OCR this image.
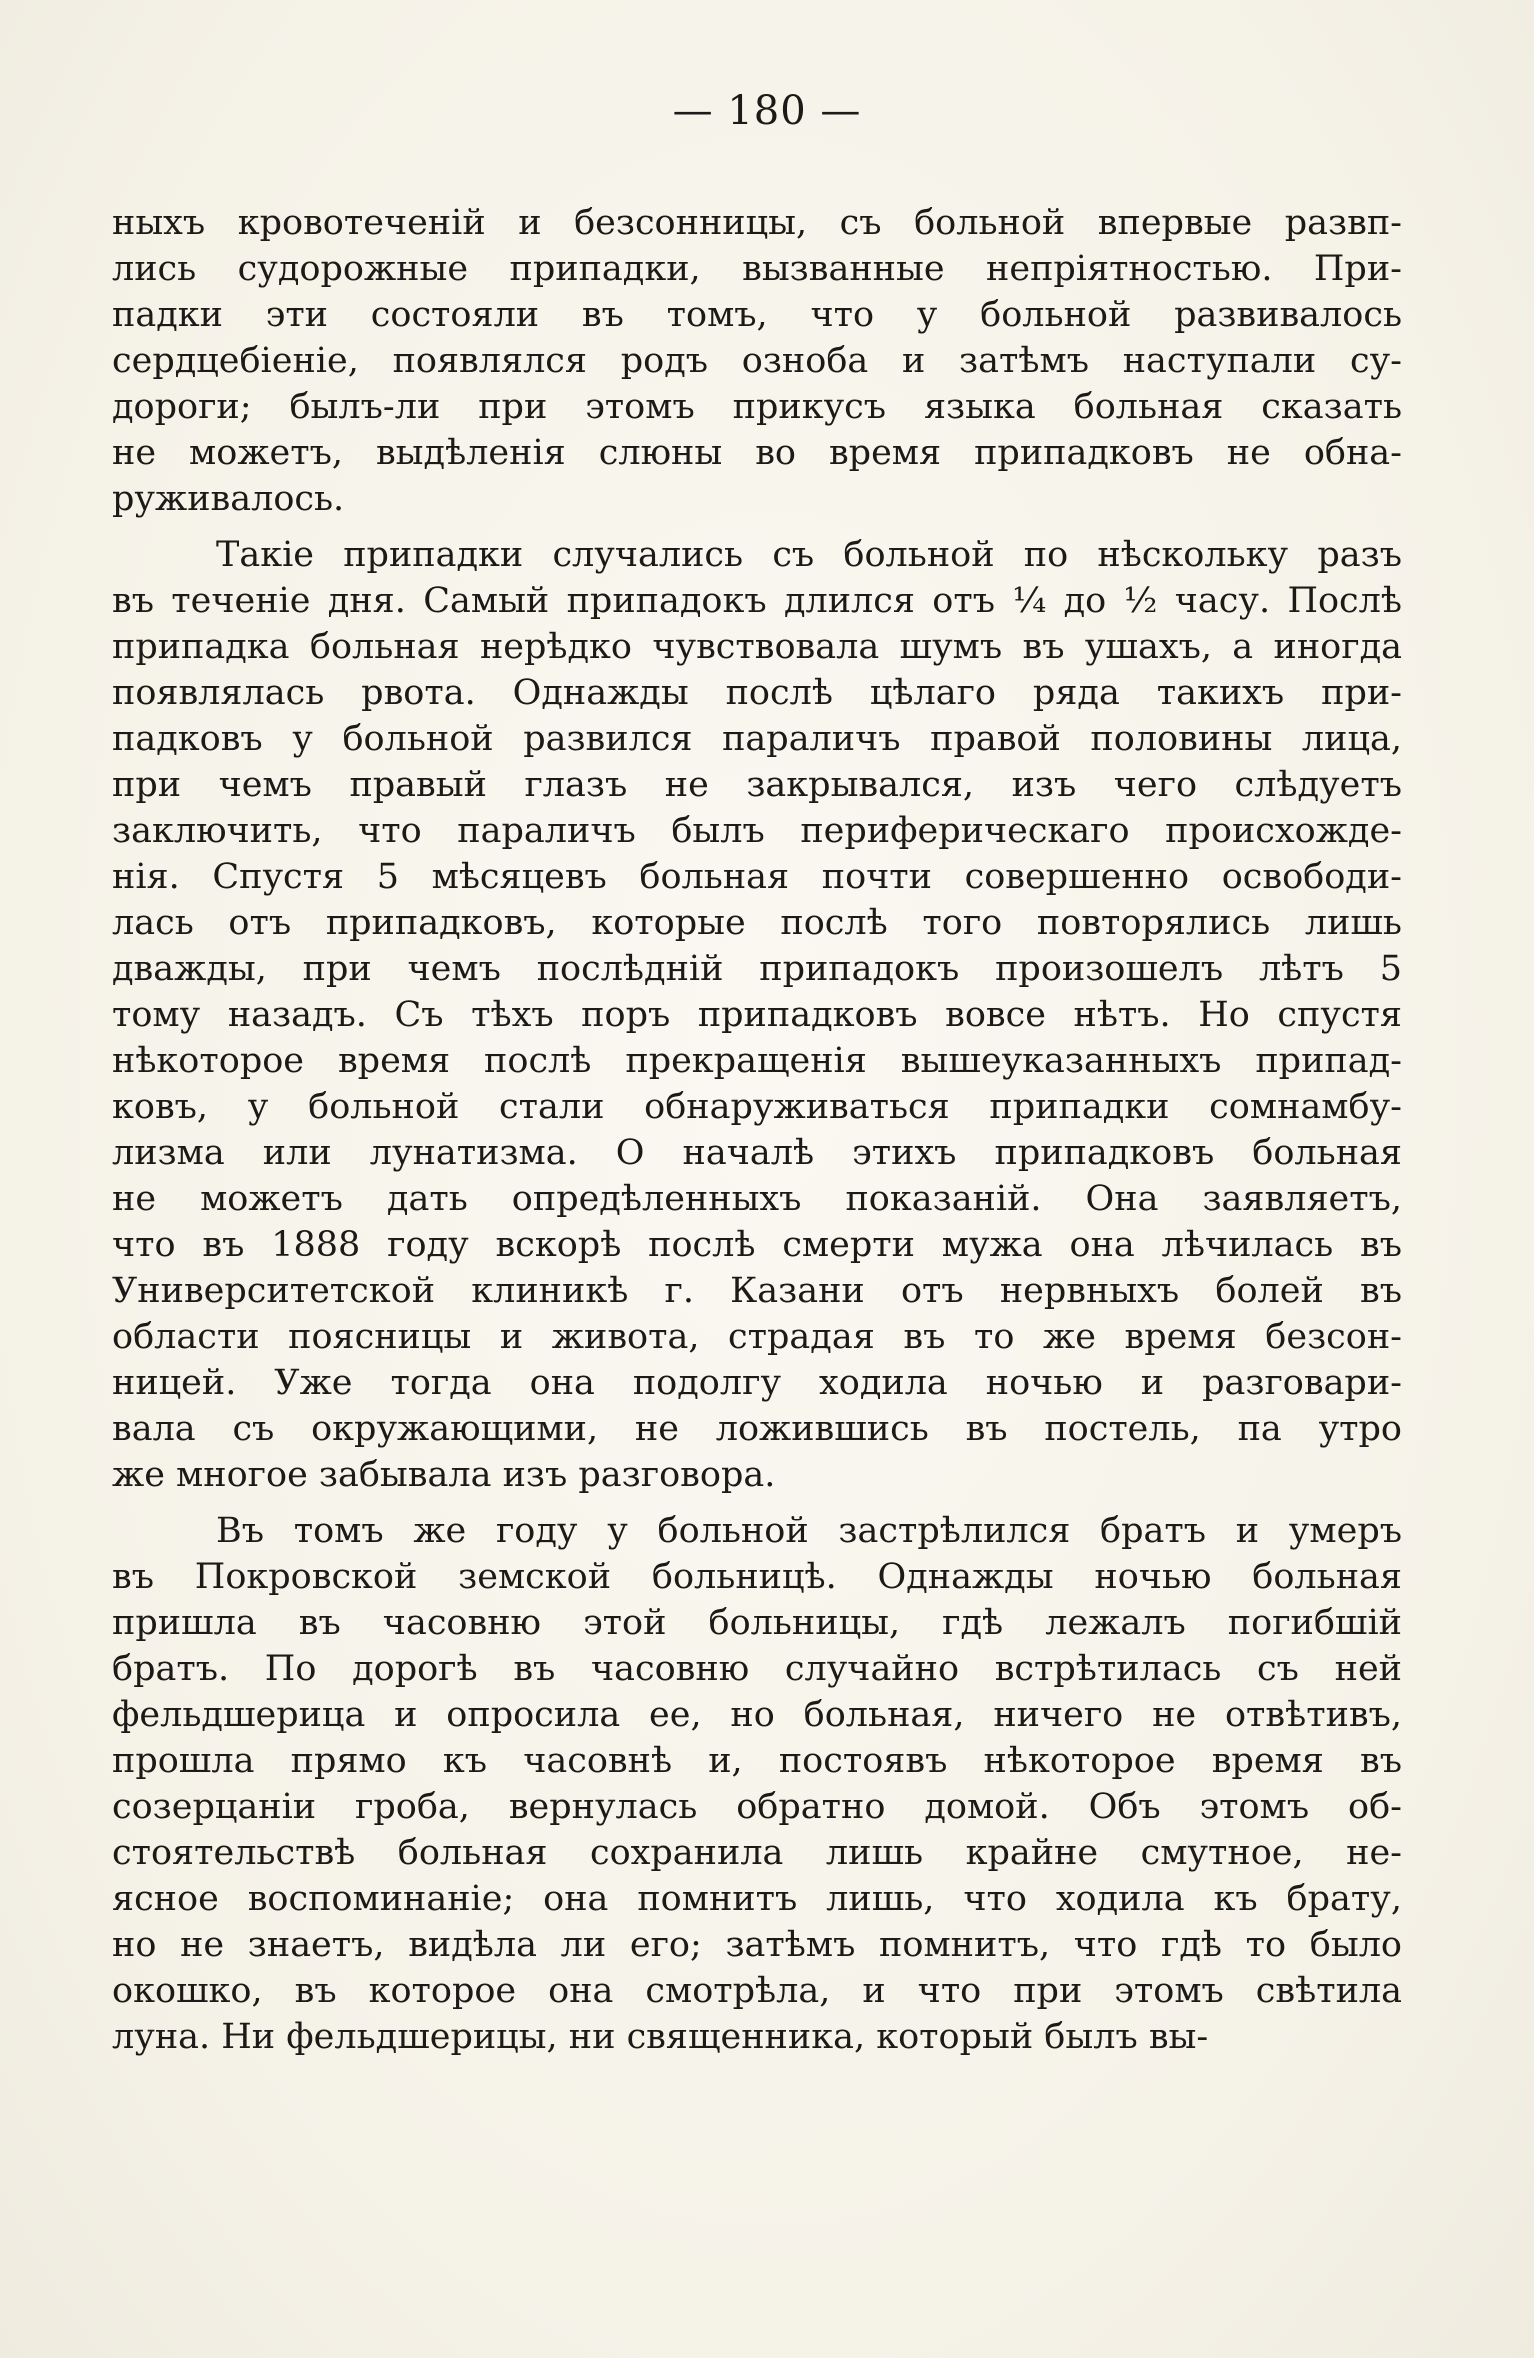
— 180 —

ныхъ кровотеченій и безсонницы, съ больной впервые развп-
лись судорожные припадки, вызванные непріятностью. При-
падки эти состояли въ томъ, что у больной развивалось
сердцебіеніе, появлялся родъ озноба и затѣмъ наступали су-
дороги; былъ-ли при этомъ прикусъ языка больная сказать
не можетъ, выдѣленія слюны во время припадковъ не обна-
руживалось.

Такіе припадки случались съ больной по нѣскольку разъ
въ теченіе дня. Самый припадокъ длился отъ ¼ до ½ часу. Послѣ
припадка больная нерѣдко чувствовала шумъ въ ушахъ, а иногда
появлялась рвота. Однажды послѣ цѣлаго ряда такихъ при-
падковъ у больной развился параличъ правой половины лица,
при чемъ правый глазъ не закрывался, изъ чего слѣдуетъ
заключить, что параличъ былъ периферическаго происхожде-
нія. Спустя 5 мѣсяцевъ больная почти совершенно освободи-
лась отъ припадковъ, которые послѣ того повторялись лишь
дважды, при чемъ послѣдній припадокъ произошелъ лѣтъ 5
тому назадъ. Съ тѣхъ поръ припадковъ вовсе нѣтъ. Но спустя
нѣкоторое время послѣ прекращенія вышеуказанныхъ припад-
ковъ, у больной стали обнаруживаться припадки сомнамбу-
лизма или лунатизма. О началѣ этихъ припадковъ больная
не можетъ дать опредѣленныхъ показаній. Она заявляетъ,
что въ 1888 году вскорѣ послѣ смерти мужа она лѣчилась въ
Университетской клиникѣ г. Казани отъ нервныхъ болей въ
области поясницы и живота, страдая въ то же время безсон-
ницей. Уже тогда она подолгу ходила ночью и разговари-
вала съ окружающими, не ложившись въ постель, па утро
же многое забывала изъ разговора.

Въ томъ же году у больной застрѣлился братъ и умеръ
въ Покровской земской больницѣ. Однажды ночью больная
пришла въ часовню этой больницы, гдѣ лежалъ погибшій
братъ. По дорогѣ въ часовню случайно встрѣтилась съ ней
фельдшерица и опросила ее, но больная, ничего не отвѣтивъ,
прошла прямо къ часовнѣ и, постоявъ нѣкоторое время въ
созерцаніи гроба, вернулась обратно домой. Объ этомъ об-
стоятельствѣ больная сохранила лишь крайне смутное, не-
ясное воспоминаніе; она помнитъ лишь, что ходила къ брату,
но не знаетъ, видѣла ли его; затѣмъ помнитъ, что гдѣ то было
окошко, въ которое она смотрѣла, и что при этомъ свѣтила
луна. Ни фельдшерицы, ни священника, который былъ вы-
